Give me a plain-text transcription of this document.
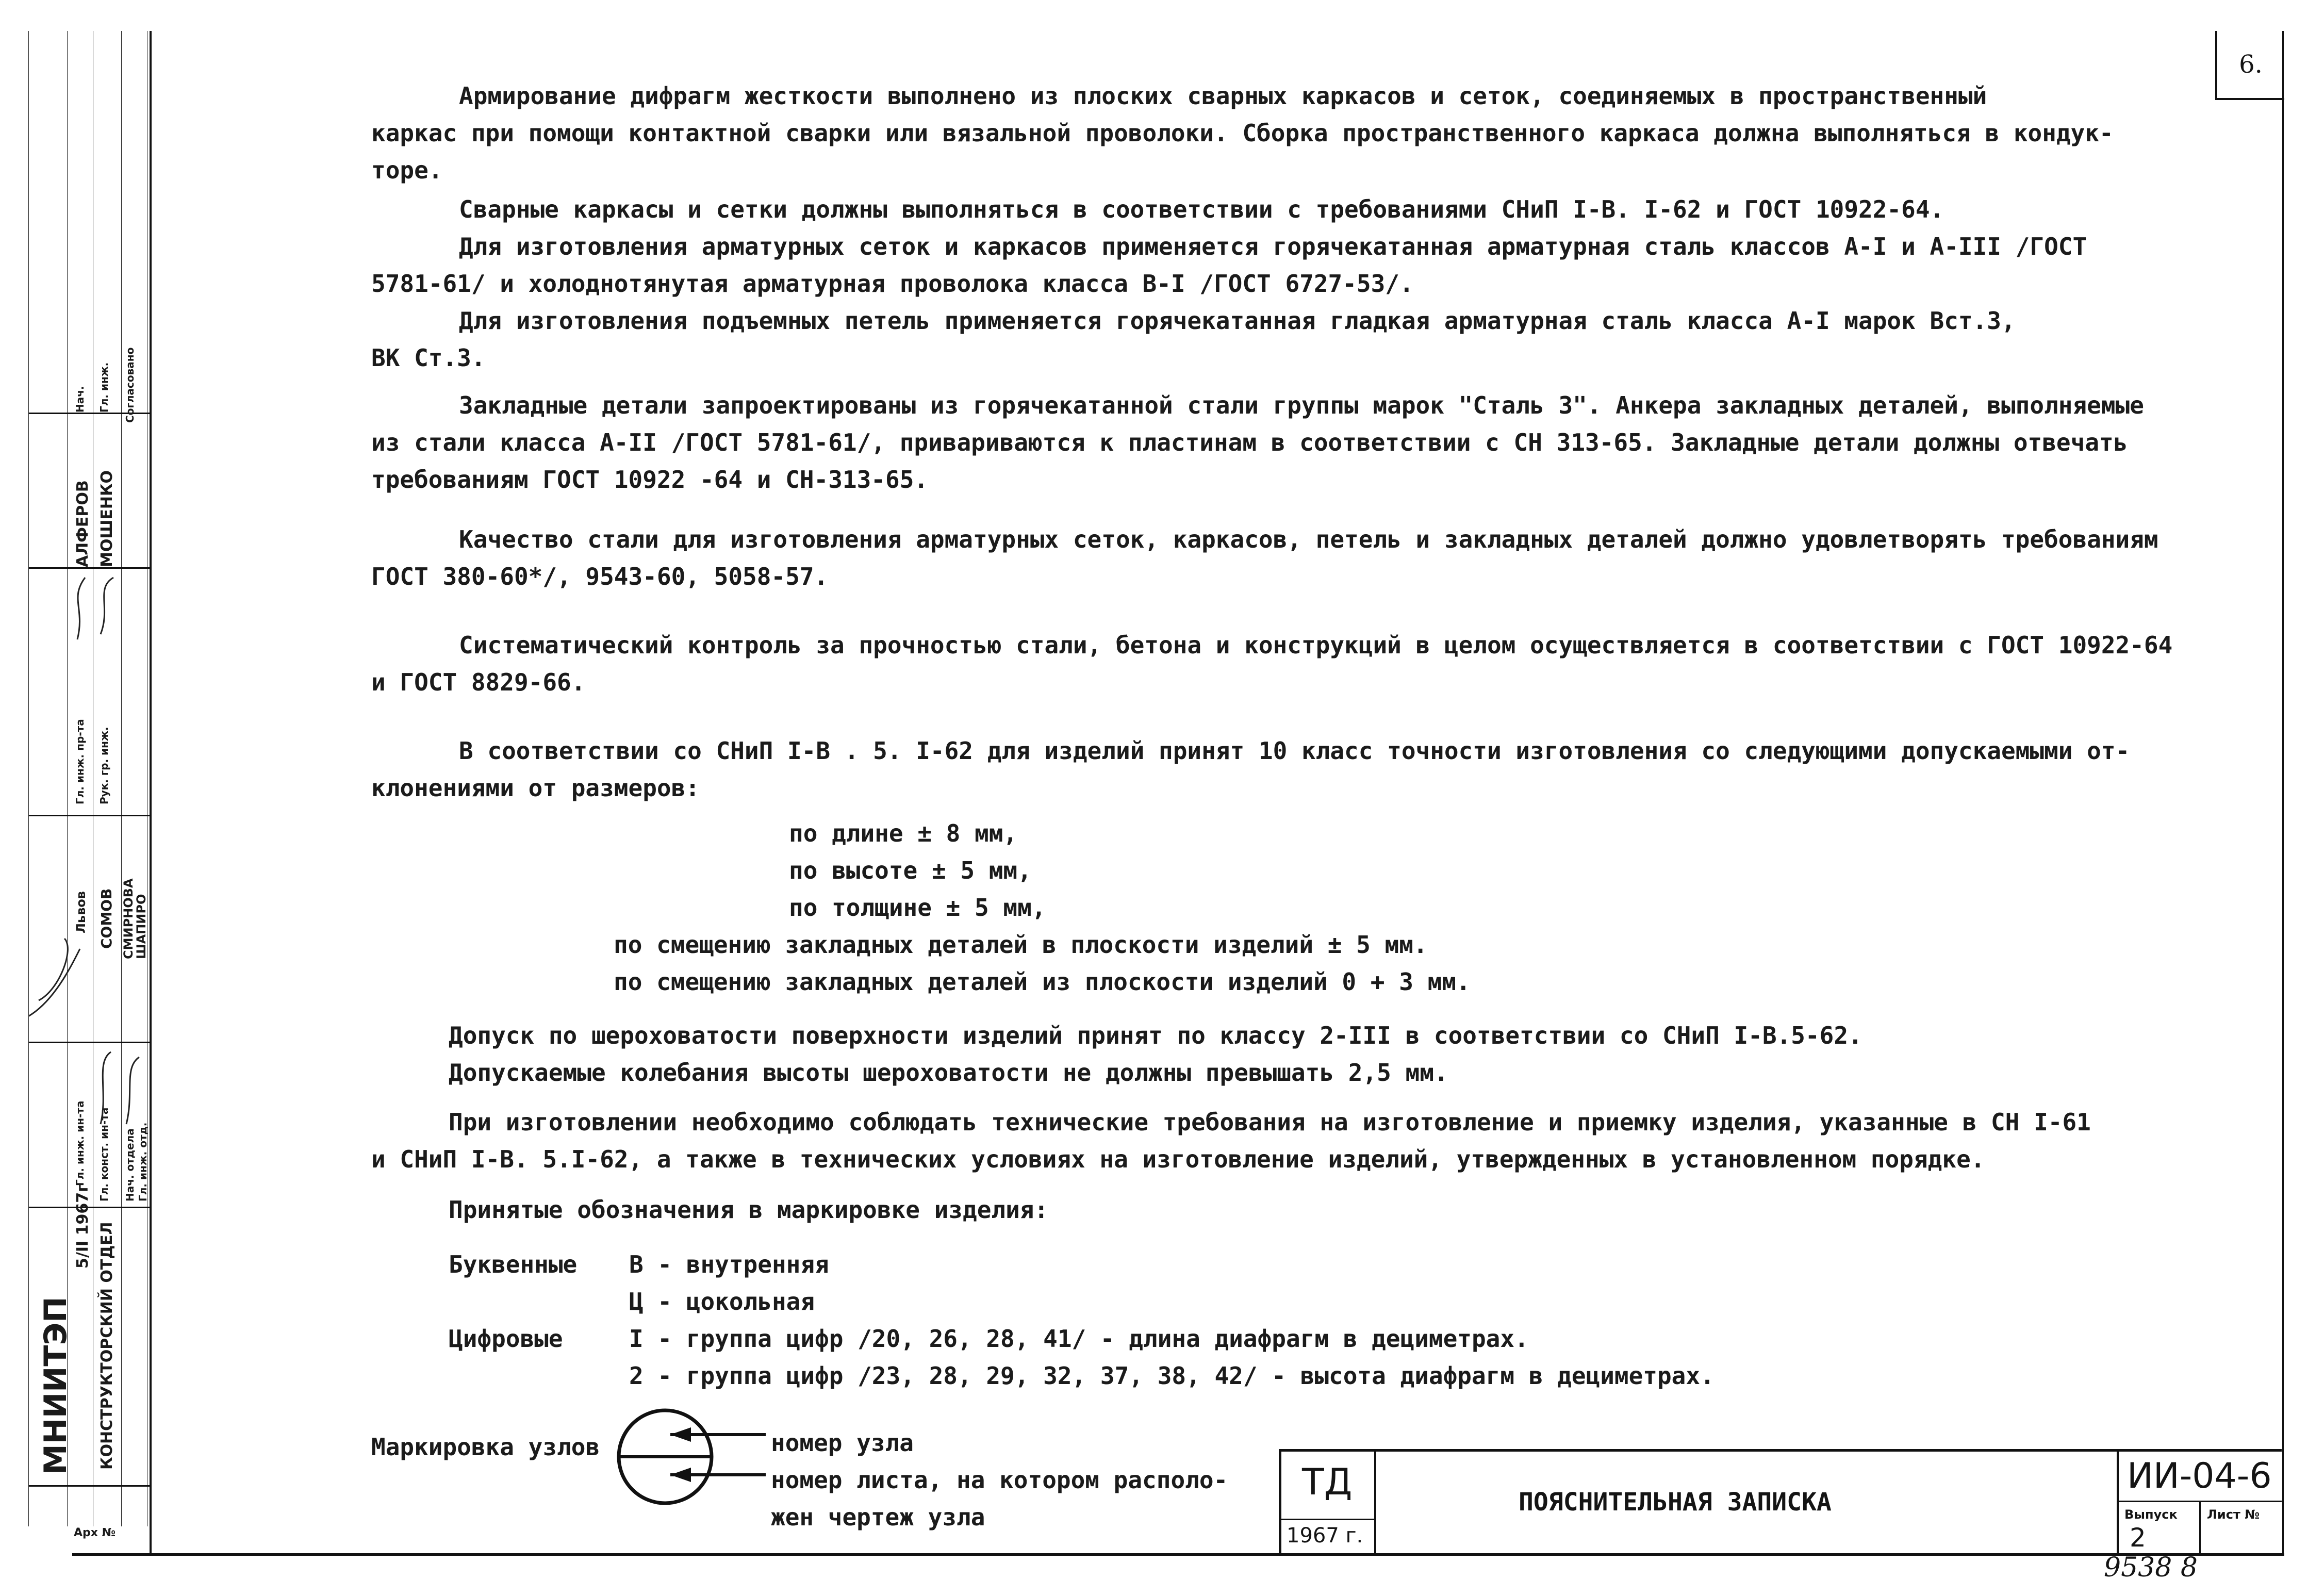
МНИИТЭП КОНСТРУКТОРСКИЙ ОТДЕЛ
5/II 1967г
Арх №
Нач. Гл. инж. Согласовано
Гл. инж. пр-та Рук. гр. инж.
Гл. инж. ин-та Гл. конст. ин-та Нач. отдела Гл. инж. отд.
АЛФЕРОВ МОШЕНКО
Львов СОМОВ СМИРНОВА
ШАПИРО
6.
Армирование дифрагм жесткости выполнено из плоских сварных каркасов и сеток, соединяемых в пространственный
каркас при помощи контактной сварки или вязальной проволоки. Сборка пространственного каркаса должна выполняться в кондук-
торе.
Сварные каркасы и сетки должны выполняться в соответствии с требованиями СНиП I-В. I-62 и ГОСТ 10922-64.
Для изготовления арматурных сеток и каркасов применяется горячекатанная арматурная сталь классов А-I и А-III /ГОСТ
5781-61/ и холоднотянутая арматурная проволока класса В-I /ГОСТ 6727-53/.
Для изготовления подъемных петель применяется горячекатанная гладкая арматурная сталь класса А-I марок Вст.3,
ВК Ст.3.
Закладные детали запроектированы из горячекатанной стали группы марок "Сталь 3". Анкера закладных деталей, выполняемые
из стали класса А-II /ГОСТ 5781-61/, привариваются к пластинам в соответствии с СН 313-65. Закладные детали должны отвечать
требованиям ГОСТ 10922 -64 и СН-313-65.
Качество стали для изготовления арматурных сеток, каркасов, петель и закладных деталей должно удовлетворять требованиям
ГОСТ 380-60*/, 9543-60, 5058-57.
Систематический контроль за прочностью стали, бетона и конструкций в целом осуществляется в соответствии с ГОСТ 10922-64
и ГОСТ 8829-66.
В соответствии со СНиП I-В . 5. I-62 для изделий принят 10 класс точности изготовления со следующими допускаемыми от-
клонениями от размеров:
по длине ± 8 мм,
по высоте ± 5 мм,
по толщине ± 5 мм,
по смещению закладных деталей в плоскости изделий ± 5 мм.
по смещению закладных деталей из плоскости изделий 0 + 3 мм.
Допуск по шероховатости поверхности изделий принят по классу 2-III в соответствии со СНиП I-В.5-62.
Допускаемые колебания высоты шероховатости не должны превышать 2,5 мм.
При изготовлении необходимо соблюдать технические требования на изготовление и приемку изделия, указанные в СН I-61
и СНиП I-В. 5.I-62, а также в технических условиях на изготовление изделий, утвержденных в установленном порядке.
Принятые обозначения в маркировке изделия:
Буквенные В - внутренняя
Ц - цокольная
Цифровые	I - группа цифр /20, 26, 28, 41/ - длина диафрагм в дециметрах.
2 - группа цифр /23, 28, 29, 32, 37, 38, 42/ - высота диафрагм в дециметрах.
Маркировка узлов	номер узла
номер листа, на котором располо-
жен чертеж узла
ТД
1967 г.
ПОЯСНИТЕЛЬНАЯ ЗАПИСКА
ИИ-04-6
Выпуск
2
Лист №
9538 8
